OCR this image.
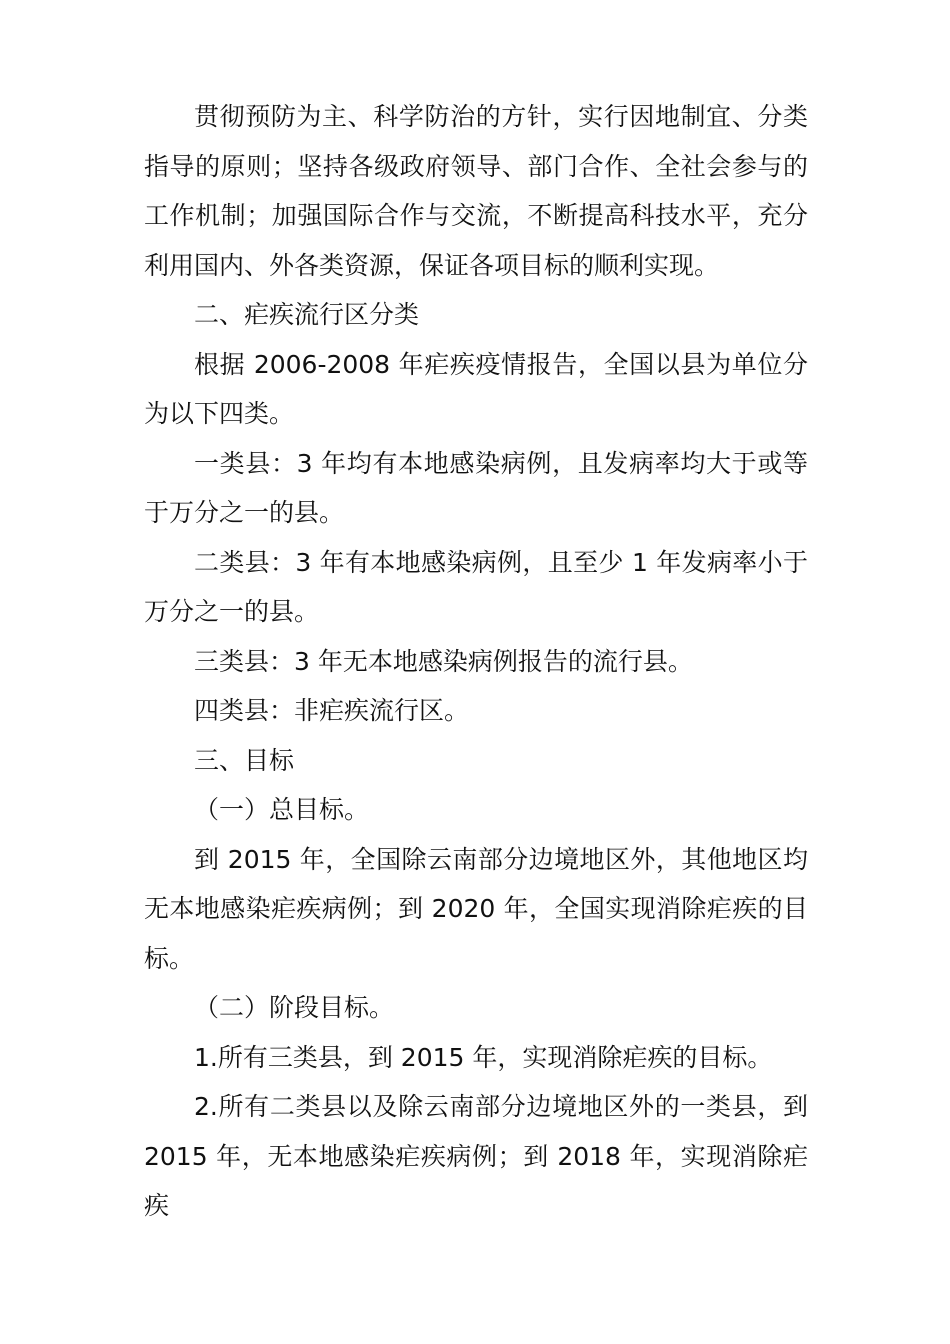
贯彻预防为主、科学防治的方针，实行因地制宜、分类指导的原则；坚持各级政府领导、部门合作、全社会参与的工作机制；加强国际合作与交流，不断提高科技水平，充分利用国内、外各类资源，保证各项目标的顺利实现。

二、疟疾流行区分类

根据 2006-2008 年疟疾疫情报告，全国以县为单位分为以下四类。

一类县：3 年均有本地感染病例，且发病率均大于或等于万分之一的县。

二类县：3 年有本地感染病例，且至少 1 年发病率小于万分之一的县。

三类县：3 年无本地感染病例报告的流行县。

四类县：非疟疾流行区。

三、目标

（一）总目标。

到 2015 年，全国除云南部分边境地区外，其他地区均无本地感染疟疾病例；到 2020 年，全国实现消除疟疾的目标。

（二）阶段目标。

1.所有三类县，到 2015 年，实现消除疟疾的目标。

2.所有二类县以及除云南部分边境地区外的一类县，到 2015 年，无本地感染疟疾病例；到 2018 年，实现消除疟疾
